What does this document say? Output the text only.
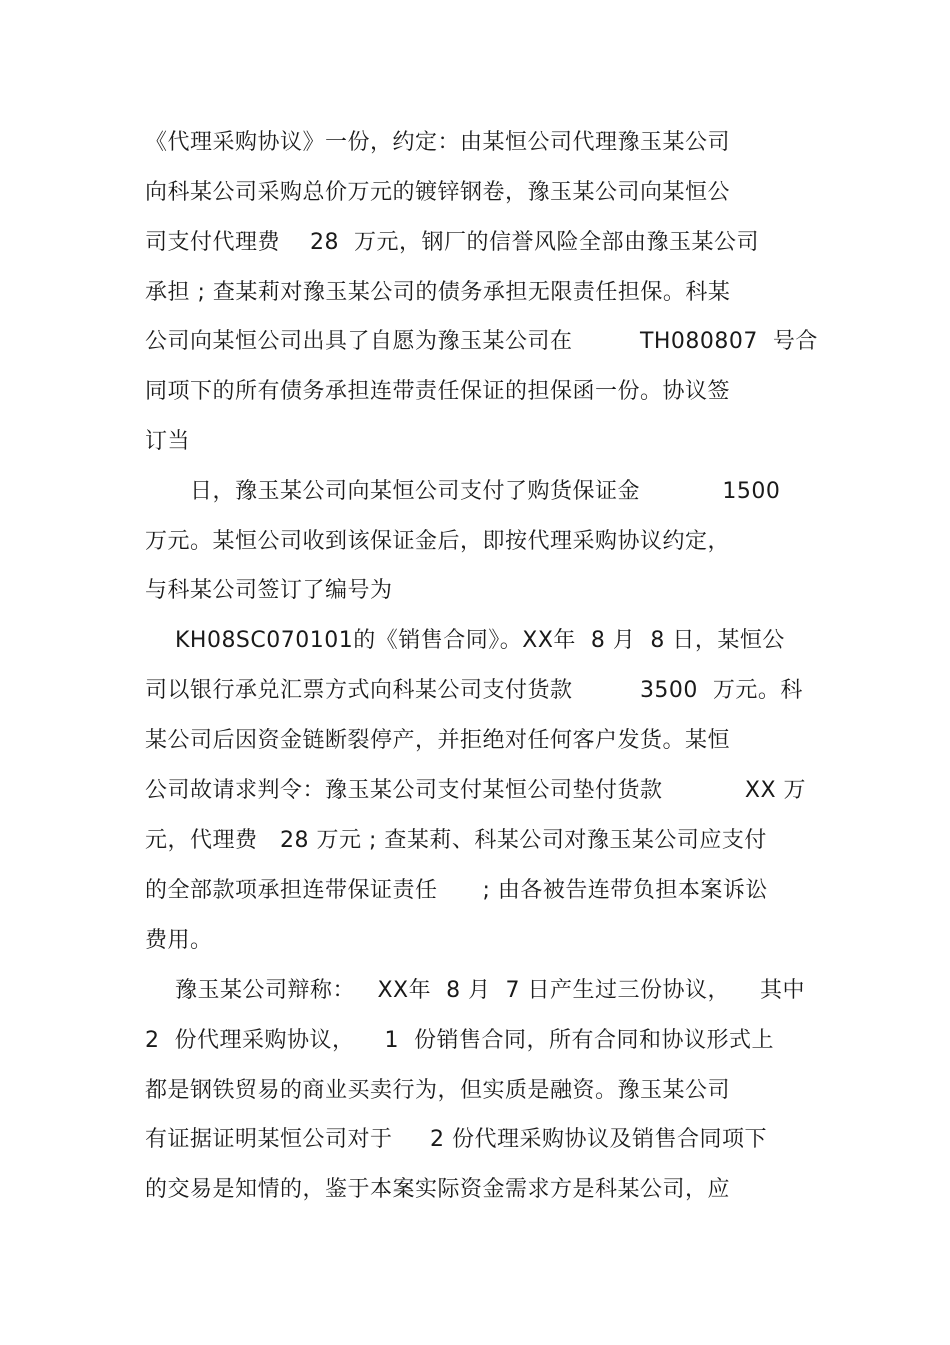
《代理采购协议》一份，约定：由某恒公司代理豫玉某公司
向科某公司采购总价万元的镀锌钢卷，豫玉某公司向某恒公
司支付代理费    28  万元，钢厂的信誉风险全部由豫玉某公司
承担 ; 查某莉对豫玉某公司的债务承担无限责任担保。科某
公司向某恒公司出具了自愿为豫玉某公司在         TH080807  号合
同项下的所有债务承担连带责任保证的担保函一份。协议签
订当
日，豫玉某公司向某恒公司支付了购货保证金           1500
万元。某恒公司收到该保证金后，即按代理采购协议约定，
与科某公司签订了编号为
KH08SC070101的《销售合同》。XX年  8 月  8 日，某恒公
司以银行承兑汇票方式向科某公司支付货款         3500  万元。科
某公司后因资金链断裂停产，并拒绝对任何客户发货。某恒
公司故请求判令：豫玉某公司支付某恒公司垫付货款           XX 万
元，代理费   28 万元 ; 查某莉、科某公司对豫玉某公司应支付
的全部款项承担连带保证责任      ; 由各被告连带负担本案诉讼
费用。
豫玉某公司辩称：   XX年  8 月  7 日产生过三份协议，    其中
2  份代理采购协议，    1  份销售合同，所有合同和协议形式上
都是钢铁贸易的商业买卖行为，但实质是融资。豫玉某公司
有证据证明某恒公司对于     2 份代理采购协议及销售合同项下
的交易是知情的，鉴于本案实际资金需求方是科某公司，应
